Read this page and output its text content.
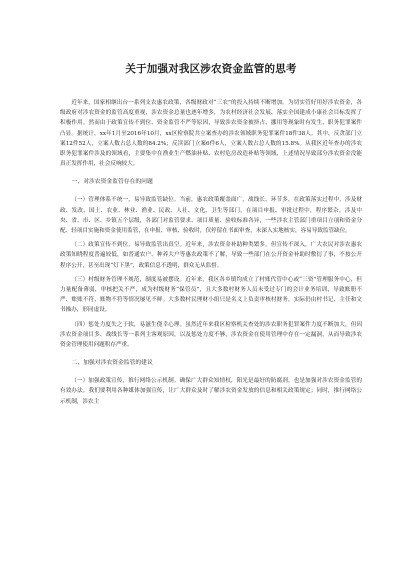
关于加强对我区涉农资金监管的思考

近年来，国家相继出台一系列支农惠农政策，各级财政对“三农”的投入持续不断增加。为切实管好用好涉农资金，各级政府对涉农资金的监管高度重视，涉农资金总量也逐年增多，为农村经济社会发展、落实全国建成小康社会目标发挥了积极作用。然而由于政策宣传不到位、资金监管不严等原因，导致涉农资金被挤占、挪用等现象时有发生，职务犯罪案件凸显。据统计，xx年1月至2016年10月，xx区检察院共立案查办的涉农领域职务犯罪案件18件38人。其中，反贪部门立案12件52人，立案人数占总人数的84.2%；反渎部门立案6件6人，立案人数占总人数的15.8%。从我区近年查办的涉农职务犯罪案件涉及的领域看，主要集中在渔业生产燃油补贴、农村危房改造补贴等领域，上述情况导致部分涉农资金没能真正发挥作用，社会反响较大。

一、对涉农资金监管存在的问题

（一）管理体系不统一，易导致监管缺位。当前，惠农政策覆盖面广，战线长、环节多，在政策落实过程中，涉及财政、发改、国土、农业、林业、渔业、民政、人社、文化、卫生等部门。在项目申报、审批过程中，程序繁杂，涉及中央、省、市、区、乡镇五个层级，各部门对监管要求、项目质量、验收标准各异，一些涉农主管部门重项目立项和资金分配、轻项目实施和资金使用监管，在申报、审核、验收时，仅停留在书面审查，未深入实地核实，容易导致监管缺位。

（二）政策宣传不到位，易导致监管出真空。近年来，涉农资金补助种类繁多，但宣传不深入，广大农民对涉农惠农政策知晓程度普遍较低，如普通农户、种养大户等惠农政策不了解，导致一些部门在公开资金补助时敷衍了事，不按公开程序公开，甚至出现“灯下黑”，政策信息不透明，群众无从监督。

（三）村级财务管理不规范，制度易被摆设。近年来，我区各乡镇均成立了村账代管中心或“三资”管理服务中心，但力量配备薄弱，审核把关不严，成为村级财务“保管员”，且大多数村财务人员未受过专门的会计业务培训，导致账册不严、账账不符、账物不符等情况屡见不鲜。大多数村民理财小组只是名义上负责审核村财务，实际仍由村书记、主任和文书操办，形同虚设。

（四）惩处力度失之于软，易滋生侥幸心理。虽然近年来我区检察机关查处的涉农职务犯罪案件力度不断加大，但因涉农资金项目多、战线长等一系列主客观原因，以及惩处力度不够，涉农资金在使用管理中存在一定漏洞，从而导致涉农资金管理使用问题积存严重。

二、加强对涉农资金监管的建议

（一）加强政策宣传，推行网络公示机制。确保广大群众知情权，阳光是最好的防腐剂，也是加强对涉农资金监管的有效办法。我们要利用各种媒体加强宣传，让广大群众及时了解涉农资金发放的信息和相关政策规定；同时，推行网络公示机制，涉农主
